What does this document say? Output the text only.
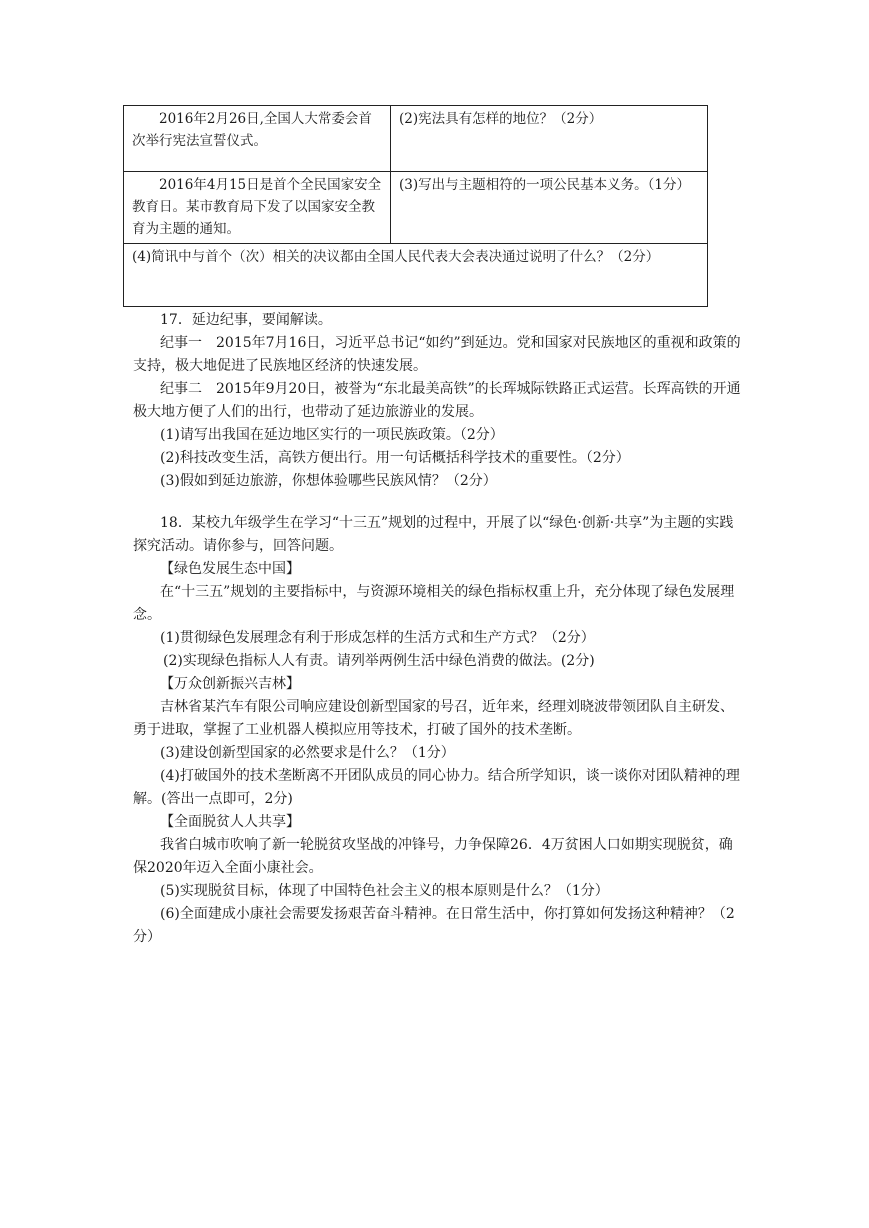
2016年2月26日,全国人大常委会首次举行宪法宣誓仪式。	(2)宪法具有怎样的地位？（2分）
2016年4月15日是首个全民国家安全教育日。某市教育局下发了以国家安全教育为主题的通知。	(3)写出与主题相符的一项公民基本义务。（1分）
(4)简讯中与首个（次）相关的决议都由全国人民代表大会表决通过说明了什么？（2分）	

17．延边纪事，要闻解读。

纪事一　2015年7月16日，习近平总书记“如约”到延边。党和国家对民族地区的重视和政策的支持，极大地促进了民族地区经济的快速发展。

纪事二　2015年9月20日，被誉为“东北最美高铁”的长珲城际铁路正式运营。长珲高铁的开通极大地方便了人们的出行，也带动了延边旅游业的发展。

(1)请写出我国在延边地区实行的一项民族政策。（2分）

(2)科技改变生活，高铁方便出行。用一句话概括科学技术的重要性。（2分）

(3)假如到延边旅游，你想体验哪些民族风情？（2分）

18．某校九年级学生在学习“十三五”规划的过程中，开展了以“绿色·创新·共享”为主题的实践探究活动。请你参与，回答问题。

【绿色发展生态中国】

在“十三五”规划的主要指标中，与资源环境相关的绿色指标权重上升，充分体现了绿色发展理念。

(1)贯彻绿色发展理念有利于形成怎样的生活方式和生产方式？（2分）

(2)实现绿色指标人人有责。请列举两例生活中绿色消费的做法。(2分)

【万众创新振兴吉林】

吉林省某汽车有限公司响应建设创新型国家的号召，近年来，经理刘晓波带领团队自主研发、勇于进取，掌握了工业机器人模拟应用等技术，打破了国外的技术垄断。

(3)建设创新型国家的必然要求是什么？（1分）

(4)打破国外的技术垄断离不开团队成员的同心协力。结合所学知识，谈一谈你对团队精神的理解。(答出一点即可，2分)

【全面脱贫人人共享】

我省白城市吹响了新一轮脱贫攻坚战的冲锋号，力争保障26．4万贫困人口如期实现脱贫，确保2020年迈入全面小康社会。

(5)实现脱贫目标，体现了中国特色社会主义的根本原则是什么？（1分）

(6)全面建成小康社会需要发扬艰苦奋斗精神。在日常生活中，你打算如何发扬这种精神？（2分）
